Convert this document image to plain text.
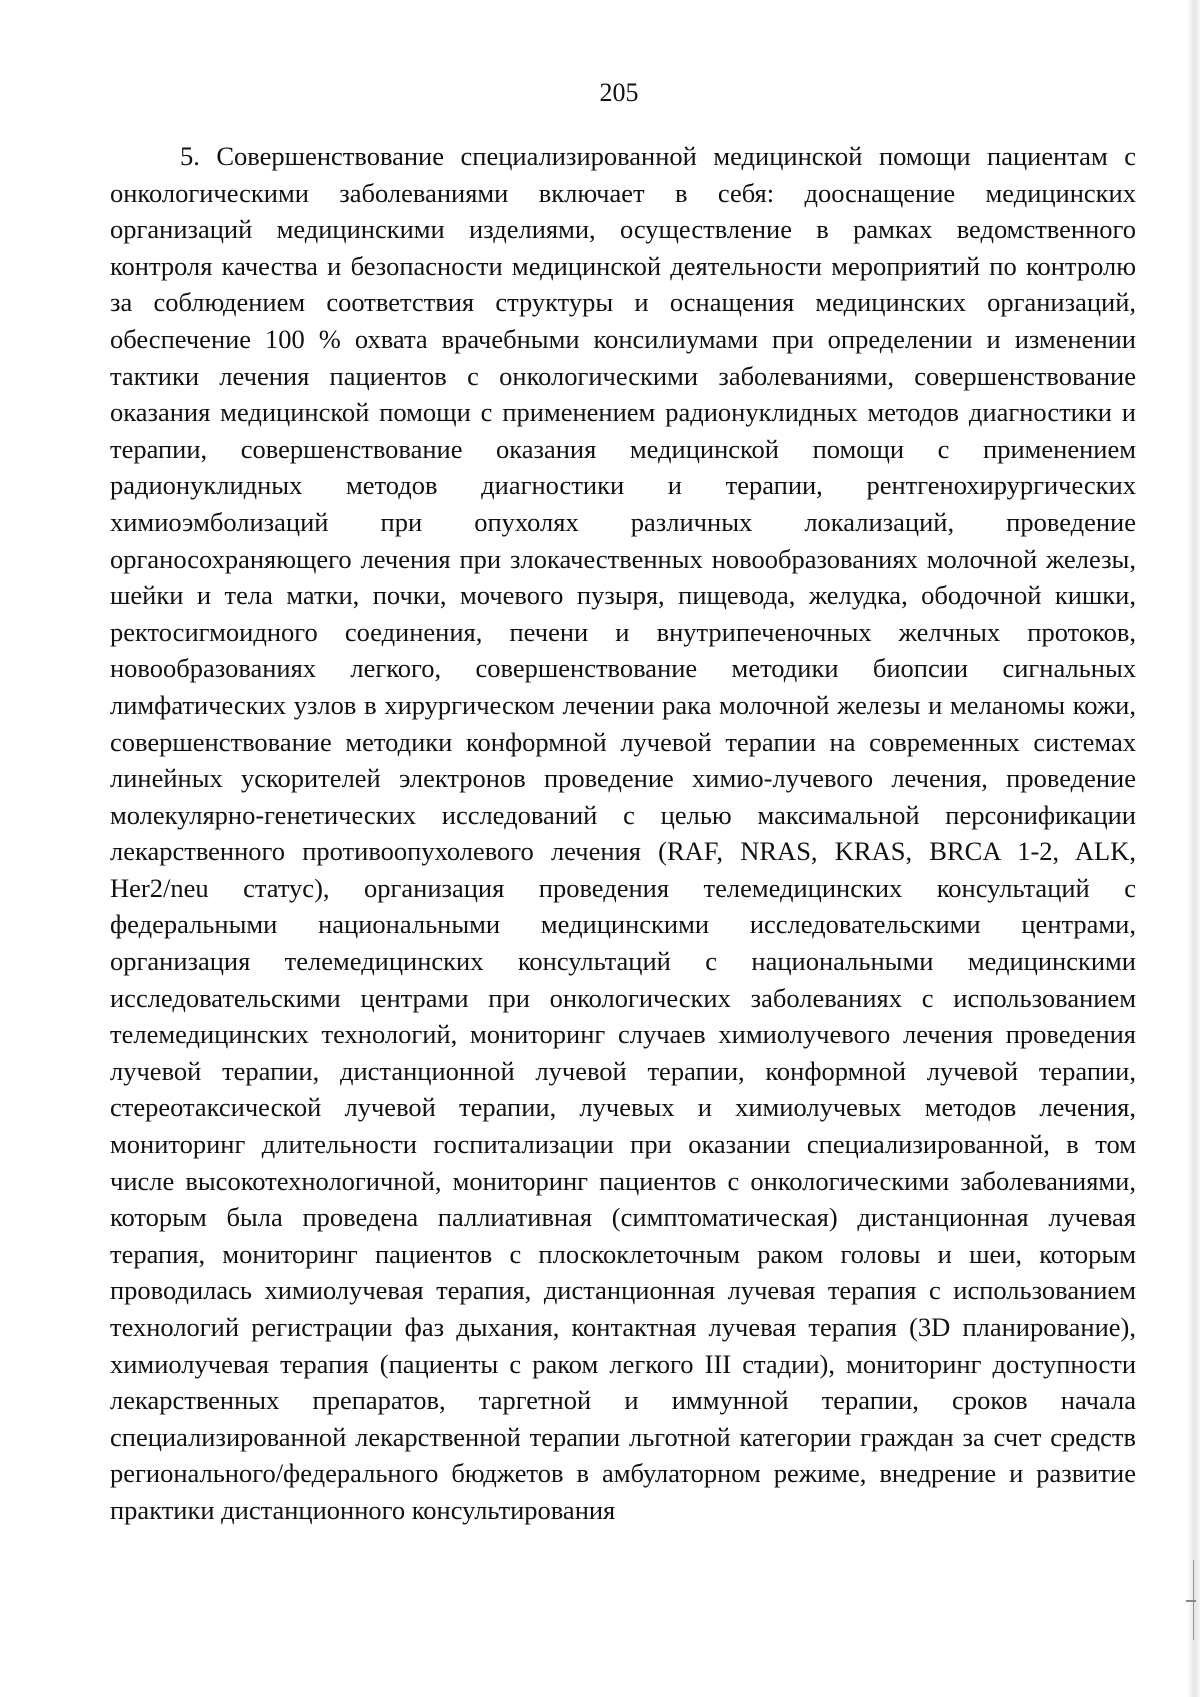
205

5. Совершенствование специализированной медицинской помощи пациентам с онкологическими заболеваниями включает в себя: дооснащение медицинских организаций медицинскими изделиями, осуществление в рамках ведомственного контроля качества и безопасности медицинской деятельности мероприятий по контролю за соблюдением соответствия структуры и оснащения медицинских организаций, обеспечение 100 % охвата врачебными консилиумами при определении и изменении тактики лечения пациентов с онкологическими заболеваниями, совершенствование оказания медицинской помощи с применением радионуклидных методов диагностики и терапии, совершенствование оказания медицинской помощи с применением радионуклидных методов диагностики и терапии, рентгенохирургических химиоэмболизаций при опухолях различных локализаций, проведение органосохраняющего лечения при злокачественных новообразованиях молочной железы, шейки и тела матки, почки, мочевого пузыря, пищевода, желудка, ободочной кишки, ректосигмоидного соединения, печени и внутрипеченочных желчных протоков, новообразованиях легкого, совершенствование методики биопсии сигнальных лимфатических узлов в хирургическом лечении рака молочной железы и меланомы кожи, совершенствование методики конформной лучевой терапии на современных системах линейных ускорителей электронов проведение химио-лучевого лечения, проведение молекулярно-генетических исследований с целью максимальной персонификации лекарственного противоопухолевого лечения (RAF, NRAS, KRAS, BRCA 1-2, ALK, Her2/neu статус), организация проведения телемедицинских консультаций с федеральными национальными медицинскими исследовательскими центрами, организация телемедицинских консультаций с национальными медицинскими исследовательскими центрами при онкологических заболеваниях с использованием телемедицинских технологий, мониторинг случаев химиолучевого лечения проведения лучевой терапии, дистанционной лучевой терапии, конформной лучевой терапии, стереотаксической лучевой терапии, лучевых и химиолучевых методов лечения, мониторинг длительности госпитализации при оказании специализированной, в том числе высокотехнологичной, мониторинг пациентов с онкологическими заболеваниями, которым была проведена паллиативная (симптоматическая) дистанционная лучевая терапия, мониторинг пациентов с плоскоклеточным раком головы и шеи, которым проводилась химиолучевая терапия, дистанционная лучевая терапия с использованием технологий регистрации фаз дыхания, контактная лучевая терапия (3D планирование), химиолучевая терапия (пациенты с раком легкого III стадии), мониторинг доступности лекарственных препаратов, таргетной и иммунной терапии, сроков начала специализированной лекарственной терапии льготной категории граждан за счет средств регионального/федерального бюджетов в амбулаторном режиме, внедрение и развитие практики дистанционного консультирования
